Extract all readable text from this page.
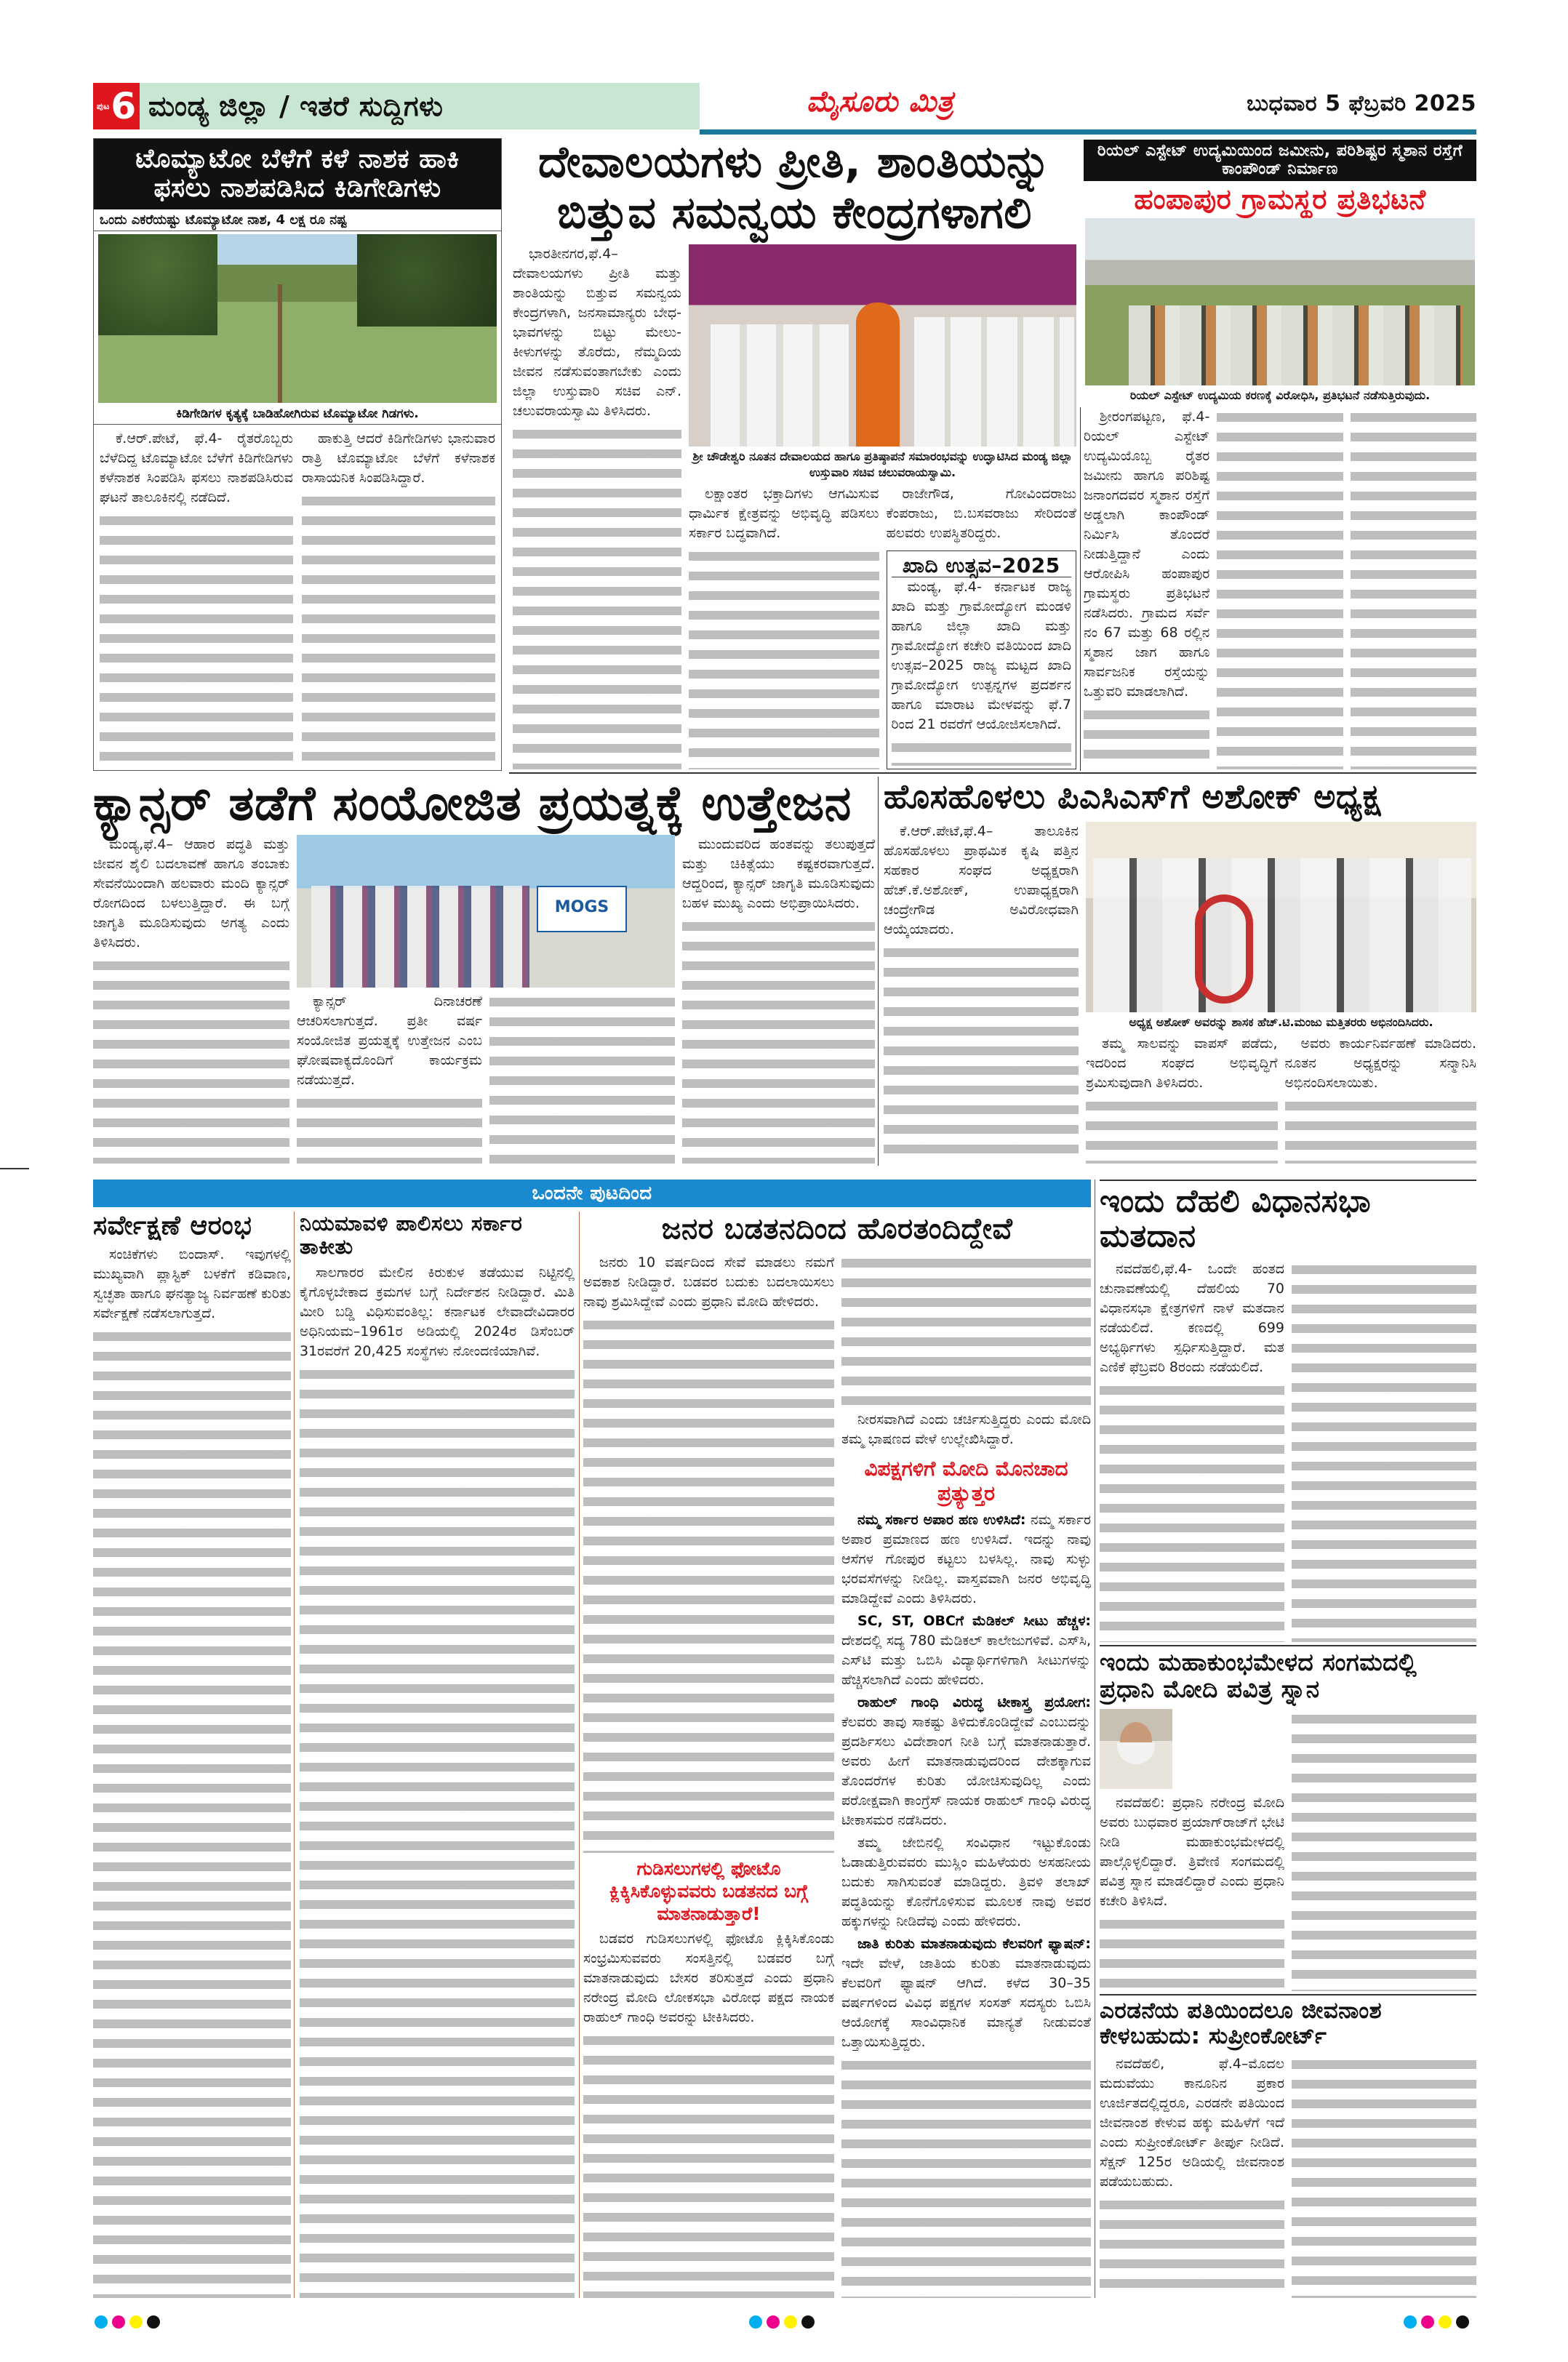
ಪುಟ 6 ಮಂಡ್ಯ ಜಿಲ್ಲಾ / ಇತರೆ ಸುದ್ದಿಗಳು	ಮೈಸೂರು ಮಿತ್ರ	ಬುಧವಾರ 5 ಫೆಬ್ರವರಿ 2025
ಟೊಮ್ಯಾಟೋ ಬೆಳೆಗೆ ಕಳೆ ನಾಶಕ ಹಾಕಿ ಫಸಲು ನಾಶಪಡಿಸಿದ ಕಿಡಿಗೇಡಿಗಳು
ಒಂದು ಎಕರೆಯಷ್ಟು ಟೊಮ್ಯಾಟೋ ನಾಶ, 4 ಲಕ್ಷ ರೂ ನಷ್ಟ
ಕಿಡಿಗೇಡಿಗಳ ಕೃತ್ಯಕ್ಕೆ ಬಾಡಿಹೋಗಿರುವ ಟೊಮ್ಯಾಟೋ ಗಿಡಗಳು.

ಕೆ.ಆರ್.ಪೇಟೆ, ಫೆ.4- ರೈತರೊಬ್ಬರು ಬೆಳೆದಿದ್ದ ಟೊಮ್ಯಾಟೋ ಬೆಳೆಗೆ ಕಿಡಿಗೇಡಿಗಳು ಕಳೆನಾಶಕ ಸಿಂಪಡಿಸಿ ಫಸಲು ನಾಶಪಡಿಸಿರುವ ಘಟನೆ ತಾಲೂಕಿನಲ್ಲಿ ನಡೆದಿದೆ.

ಹಾಕುತ್ತಿ ಆದರೆ ಕಿಡಿಗೇಡಿಗಳು ಭಾನುವಾರ ರಾತ್ರಿ ಟೊಮ್ಯಾಟೋ ಬೆಳೆಗೆ ಕಳೆನಾಶಕ ರಾಸಾಯನಿಕ ಸಿಂಪಡಿಸಿದ್ದಾರೆ.

ದೇವಾಲಯಗಳು ಪ್ರೀತಿ, ಶಾಂತಿಯನ್ನು ಬಿತ್ತುವ ಸಮನ್ವಯ ಕೇಂದ್ರಗಳಾಗಲಿ

ಭಾರತೀನಗರ,ಫೆ.4– ದೇವಾಲಯಗಳು ಪ್ರೀತಿ ಮತ್ತು ಶಾಂತಿಯನ್ನು ಬಿತ್ತುವ ಸಮನ್ವಯ ಕೇಂದ್ರಗಳಾಗಿ, ಜನಸಾಮಾನ್ಯರು ಬೇಧ-ಭಾವಗಳನ್ನು ಬಿಟ್ಟು ಮೇಲು-ಕೀಳುಗಳನ್ನು ತೊರೆದು, ನೆಮ್ಮದಿಯ ಜೀವನ ನಡೆಸುವಂತಾಗಬೇಕು ಎಂದು ಜಿಲ್ಲಾ ಉಸ್ತುವಾರಿ ಸಚಿವ ಎನ್. ಚಲುವರಾಯಸ್ವಾಮಿ ತಿಳಿಸಿದರು.

ಶ್ರೀ ಚೌಡೇಶ್ವರಿ ನೂತನ ದೇವಾಲಯದ ಹಾಗೂ ಪ್ರತಿಷ್ಠಾಪನೆ ಸಮಾರಂಭವನ್ನು ಉದ್ಘಾಟಿಸಿದ ಮಂಡ್ಯ ಜಿಲ್ಲಾ ಉಸ್ತುವಾರಿ ಸಚಿವ ಚಲುವರಾಯಸ್ವಾಮಿ.

ಲಕ್ಷಾಂತರ ಭಕ್ತಾದಿಗಳು ಆಗಮಿಸುವ ಧಾರ್ಮಿಕ ಕ್ಷೇತ್ರವನ್ನು ಅಭಿವೃದ್ಧಿ ಪಡಿಸಲು ಸರ್ಕಾರ ಬದ್ಧವಾಗಿದೆ.

ರಾಜೇಗೌಡ, ಗೋವಿಂದರಾಜು ಕೆಂಪರಾಜು, ಬಿ.ಬಸವರಾಜು ಸೇರಿದಂತೆ ಹಲವರು ಉಪಸ್ಥಿತರಿದ್ದರು.

ಖಾದಿ ಉತ್ಸವ–2025

ಮಂಡ್ಯ, ಫೆ.4- ಕರ್ನಾಟಕ ರಾಜ್ಯ ಖಾದಿ ಮತ್ತು ಗ್ರಾಮೋದ್ಯೋಗ ಮಂಡಳಿ ಹಾಗೂ ಜಿಲ್ಲಾ ಖಾದಿ ಮತ್ತು ಗ್ರಾಮೋದ್ಯೋಗ ಕಚೇರಿ ವತಿಯಿಂದ ಖಾದಿ ಉತ್ಸವ–2025 ರಾಜ್ಯ ಮಟ್ಟದ ಖಾದಿ ಗ್ರಾಮೋದ್ಯೋಗ ಉತ್ಪನ್ನಗಳ ಪ್ರದರ್ಶನ ಹಾಗೂ ಮಾರಾಟ ಮೇಳವನ್ನು ಫೆ.7 ರಿಂದ 21 ರವರೆಗೆ ಆಯೋಜಿಸಲಾಗಿದೆ.

ರಿಯಲ್ ಎಸ್ಟೇಟ್ ಉದ್ಯಮಿಯಿಂದ ಜಮೀನು, ಪರಿಶಿಷ್ಟರ ಸ್ಮಶಾನ ರಸ್ತೆಗೆ ಕಾಂಪೌಂಡ್ ನಿರ್ಮಾಣ
ಹಂಪಾಪುರ ಗ್ರಾಮಸ್ಥರ ಪ್ರತಿಭಟನೆ
ರಿಯಲ್ ಎಸ್ಟೇಟ್ ಉದ್ಯಮಿಯ ಕರಣಕ್ಕೆ ವಿರೋಧಿಸಿ, ಪ್ರತಿಭಟನೆ ನಡೆಸುತ್ತಿರುವುದು.

ಶ್ರೀರಂಗಪಟ್ಟಣ, ಫೆ.4- ರಿಯಲ್ ಎಸ್ಟೇಟ್ ಉದ್ಯಮಿಯೊಬ್ಬ ರೈತರ ಜಮೀನು ಹಾಗೂ ಪರಿಶಿಷ್ಟ ಜನಾಂಗದವರ ಸ್ಮಶಾನ ರಸ್ತೆಗೆ ಅಡ್ಡಲಾಗಿ ಕಾಂಪೌಂಡ್ ನಿರ್ಮಿಸಿ ತೊಂದರೆ ನೀಡುತ್ತಿದ್ದಾನೆ ಎಂದು ಆರೋಪಿಸಿ ಹಂಪಾಪುರ ಗ್ರಾಮಸ್ಥರು ಪ್ರತಿಭಟನೆ ನಡೆಸಿದರು. ಗ್ರಾಮದ ಸರ್ವೆ ನಂ 67 ಮತ್ತು 68 ರಲ್ಲಿನ ಸ್ಮಶಾನ ಜಾಗ ಹಾಗೂ ಸಾರ್ವಜನಿಕ ರಸ್ತೆಯನ್ನು ಒತ್ತುವರಿ ಮಾಡಲಾಗಿದೆ.

ಕ್ಯಾನ್ಸರ್ ತಡೆಗೆ ಸಂಯೋಜಿತ ಪ್ರಯತ್ನಕ್ಕೆ ಉತ್ತೇಜನ

ಮಂಡ್ಯ,ಫೆ.4– ಆಹಾರ ಪದ್ಧತಿ ಮತ್ತು ಜೀವನ ಶೈಲಿ ಬದಲಾವಣೆ ಹಾಗೂ ತಂಬಾಕು ಸೇವನೆಯಿಂದಾಗಿ ಹಲವಾರು ಮಂದಿ ಕ್ಯಾನ್ಸರ್ ರೋಗದಿಂದ ಬಳಲುತ್ತಿದ್ದಾರೆ. ಈ ಬಗ್ಗೆ ಜಾಗೃತಿ ಮೂಡಿಸುವುದು ಅಗತ್ಯ ಎಂದು ತಿಳಿಸಿದರು.

MOGS

ಕ್ಯಾನ್ಸರ್ ದಿನಾಚರಣೆ ಆಚರಿಸಲಾಗುತ್ತದೆ. ಪ್ರತೀ ವರ್ಷ ಸಂಯೋಜಿತ ಪ್ರಯತ್ನಕ್ಕೆ ಉತ್ತೇಜನ ಎಂಬ ಘೋಷವಾಕ್ಯದೊಂದಿಗೆ ಕಾರ್ಯಕ್ರಮ ನಡೆಯುತ್ತದೆ.

ಮುಂದುವರಿದ ಹಂತವನ್ನು ತಲುಪುತ್ತದೆ ಮತ್ತು ಚಿಕಿತ್ಸೆಯು ಕಷ್ಟಕರವಾಗುತ್ತದೆ. ಆದ್ದರಿಂದ, ಕ್ಯಾನ್ಸರ್ ಜಾಗೃತಿ ಮೂಡಿಸುವುದು ಬಹಳ ಮುಖ್ಯ ಎಂದು ಅಭಿಪ್ರಾಯಿಸಿದರು.

ಹೊಸಹೊಳಲು ಪಿಎಸಿಎಸ್‌ಗೆ ಅಶೋಕ್ ಅಧ್ಯಕ್ಷ

ಕೆ.ಆರ್.ಪೇಟೆ,ಫೆ.4– ತಾಲೂಕಿನ ಹೊಸಹೊಳಲು ಪ್ರಾಥಮಿಕ ಕೃಷಿ ಪತ್ತಿನ ಸಹಕಾರ ಸಂಘದ ಅಧ್ಯಕ್ಷರಾಗಿ ಹೆಚ್.ಕೆ.ಅಶೋಕ್, ಉಪಾಧ್ಯಕ್ಷರಾಗಿ ಚಂದ್ರೇಗೌಡ ಅವಿರೋಧವಾಗಿ ಆಯ್ಕೆಯಾದರು.

ಅಧ್ಯಕ್ಷ ಅಶೋಕ್ ಅವರನ್ನು ಶಾಸಕ ಹೆಚ್.ಟಿ.ಮಂಜು ಮತ್ತಿತರರು ಅಭಿನಂದಿಸಿದರು.

ತಮ್ಮ ಸಾಲವನ್ನು ವಾಪಸ್ ಪಡೆದು, ಇದರಿಂದ ಸಂಘದ ಅಭಿವೃದ್ಧಿಗೆ ಶ್ರಮಿಸುವುದಾಗಿ ತಿಳಿಸಿದರು.

ಅವರು ಕಾರ್ಯನಿರ್ವಹಣೆ ಮಾಡಿದರು. ನೂತನ ಅಧ್ಯಕ್ಷರನ್ನು ಸನ್ಮಾನಿಸಿ ಅಭಿನಂದಿಸಲಾಯಿತು.

ಒಂದನೇ ಪುಟದಿಂದ
ಸರ್ವೇಕ್ಷಣೆ ಆರಂಭ

ಸಂಚಿಕೆಗಳು ಬಿಂದಾಸ್. ಇವುಗಳಲ್ಲಿ ಮುಖ್ಯವಾಗಿ ಪ್ಲಾಸ್ಟಿಕ್ ಬಳಕೆಗೆ ಕಡಿವಾಣ, ಸ್ವಚ್ಛತಾ ಹಾಗೂ ಘನತ್ಯಾಜ್ಯ ನಿರ್ವಹಣೆ ಕುರಿತು ಸರ್ವೇಕ್ಷಣೆ ನಡೆಸಲಾಗುತ್ತದೆ.

ನಿಯಮಾವಳಿ ಪಾಲಿಸಲು ಸರ್ಕಾರ ತಾಕೀತು

ಸಾಲಗಾರರ ಮೇಲಿನ ಕಿರುಕುಳ ತಡೆಯುವ ನಿಟ್ಟಿನಲ್ಲಿ ಕೈಗೊಳ್ಳಬೇಕಾದ ಕ್ರಮಗಳ ಬಗ್ಗೆ ನಿರ್ದೇಶನ ನೀಡಿದ್ದಾರೆ. ಮಿತಿ ಮೀರಿ ಬಡ್ಡಿ ವಿಧಿಸುವಂತಿಲ್ಲ: ಕರ್ನಾಟಕ ಲೇವಾದೇವಿದಾರರ ಅಧಿನಿಯಮ–1961ರ ಅಡಿಯಲ್ಲಿ 2024ರ ಡಿಸೆಂಬರ್ 31ರವರೆಗೆ 20,425 ಸಂಸ್ಥೆಗಳು ನೋಂದಣಿಯಾಗಿವೆ.

ಜನರ ಬಡತನದಿಂದ ಹೊರತಂದಿದ್ದೇವೆ

ಜನರು 10 ವರ್ಷದಿಂದ ಸೇವೆ ಮಾಡಲು ನಮಗೆ ಅವಕಾಶ ನೀಡಿದ್ದಾರೆ. ಬಡವರ ಬದುಕು ಬದಲಾಯಿಸಲು ನಾವು ಶ್ರಮಿಸಿದ್ದೇವೆ ಎಂದು ಪ್ರಧಾನಿ ಮೋದಿ ಹೇಳಿದರು.

ಗುಡಿಸಲುಗಳಲ್ಲಿ ಫೋಟೊ ಕ್ಲಿಕ್ಕಿಸಿಕೊಳ್ಳುವವರು ಬಡತನದ ಬಗ್ಗೆ ಮಾತನಾಡುತ್ತಾರೆ!

ಬಡವರ ಗುಡಿಸಲುಗಳಲ್ಲಿ ಫೋಟೊ ಕ್ಲಿಕ್ಕಿಸಿಕೊಂಡು ಸಂಭ್ರಮಿಸುವವರು ಸಂಸತ್ತಿನಲ್ಲಿ ಬಡವರ ಬಗ್ಗೆ ಮಾತನಾಡುವುದು ಬೇಸರ ತರಿಸುತ್ತದೆ ಎಂದು ಪ್ರಧಾನಿ ನರೇಂದ್ರ ಮೋದಿ ಲೋಕಸಭಾ ವಿರೋಧ ಪಕ್ಷದ ನಾಯಕ ರಾಹುಲ್ ಗಾಂಧಿ ಅವರನ್ನು ಟೀಕಿಸಿದರು.

ನೀರಸವಾಗಿದೆ ಎಂದು ಚರ್ಚಿಸುತ್ತಿದ್ದರು ಎಂದು ಮೋದಿ ತಮ್ಮ ಭಾಷಣದ ವೇಳೆ ಉಲ್ಲೇಖಿಸಿದ್ದಾರೆ.

ವಿಪಕ್ಷಗಳಿಗೆ ಮೋದಿ ಮೊನಚಾದ ಪ್ರತ್ಯುತ್ತರ

ನಮ್ಮ ಸರ್ಕಾರ ಅಪಾರ ಹಣ ಉಳಿಸಿದೆ: ನಮ್ಮ ಸರ್ಕಾರ ಅಪಾರ ಪ್ರಮಾಣದ ಹಣ ಉಳಿಸಿದೆ. ಇದನ್ನು ನಾವು ಆಸೆಗಳ ಗೋಪುರ ಕಟ್ಟಲು ಬಳಸಿಲ್ಲ. ನಾವು ಸುಳ್ಳು ಭರವಸೆಗಳನ್ನು ನೀಡಿಲ್ಲ. ವಾಸ್ತವವಾಗಿ ಜನರ ಅಭಿವೃದ್ಧಿ ಮಾಡಿದ್ದೇವೆ ಎಂದು ತಿಳಿಸಿದರು.

SC, ST, OBCಗೆ ಮೆಡಿಕಲ್ ಸೀಟು ಹೆಚ್ಚಳ: ದೇಶದಲ್ಲಿ ಸದ್ಯ 780 ಮೆಡಿಕಲ್ ಕಾಲೇಜುಗಳಿವೆ. ಎಸ್‌ಸಿ, ಎಸ್‌ಟಿ ಮತ್ತು ಒಬಿಸಿ ವಿದ್ಯಾರ್ಥಿಗಳಿಗಾಗಿ ಸೀಟುಗಳನ್ನು ಹೆಚ್ಚಿಸಲಾಗಿದೆ ಎಂದು ಹೇಳಿದರು.

ರಾಹುಲ್ ಗಾಂಧಿ ವಿರುದ್ಧ ಟೀಕಾಸ್ತ್ರ ಪ್ರಯೋಗ: ಕೆಲವರು ತಾವು ಸಾಕಷ್ಟು ತಿಳಿದುಕೊಂಡಿದ್ದೇವೆ ಎಂಬುದನ್ನು ಪ್ರದರ್ಶಿಸಲು ವಿದೇಶಾಂಗ ನೀತಿ ಬಗ್ಗೆ ಮಾತನಾಡುತ್ತಾರೆ. ಅವರು ಹೀಗೆ ಮಾತನಾಡುವುದರಿಂದ ದೇಶಕ್ಕಾಗುವ ತೊಂದರೆಗಳ ಕುರಿತು ಯೋಚಿಸುವುದಿಲ್ಲ ಎಂದು ಪರೋಕ್ಷವಾಗಿ ಕಾಂಗ್ರೆಸ್ ನಾಯಕ ರಾಹುಲ್ ಗಾಂಧಿ ವಿರುದ್ಧ ಟೀಕಾಸಮರ ನಡೆಸಿದರು.

ತಮ್ಮ ಜೇಬಿನಲ್ಲಿ ಸಂವಿಧಾನ ಇಟ್ಟುಕೊಂಡು ಓಡಾಡುತ್ತಿರುವವರು ಮುಸ್ಲಿಂ ಮಹಿಳೆಯರು ಅಸಹನೀಯ ಬದುಕು ಸಾಗಿಸುವಂತೆ ಮಾಡಿದ್ದರು. ತ್ರಿವಳಿ ತಲಾಖ್ ಪದ್ಧತಿಯನ್ನು ಕೊನೆಗೊಳಿಸುವ ಮೂಲಕ ನಾವು ಅವರ ಹಕ್ಕುಗಳನ್ನು ನೀಡಿದೆವು ಎಂದು ಹೇಳಿದರು.

ಜಾತಿ ಕುರಿತು ಮಾತನಾಡುವುದು ಕೆಲವರಿಗೆ ಫ್ಯಾಷನ್: ಇದೇ ವೇಳೆ, ಜಾತಿಯ ಕುರಿತು ಮಾತನಾಡುವುದು ಕೆಲವರಿಗೆ ಫ್ಯಾಷನ್ ಆಗಿದೆ. ಕಳೆದ 30–35 ವರ್ಷಗಳಿಂದ ವಿವಿಧ ಪಕ್ಷಗಳ ಸಂಸತ್ ಸದಸ್ಯರು ಒಬಿಸಿ ಆಯೋಗಕ್ಕೆ ಸಾಂವಿಧಾನಿಕ ಮಾನ್ಯತೆ ನೀಡುವಂತೆ ಒತ್ತಾಯಿಸುತ್ತಿದ್ದರು.

ಇಂದು ದೆಹಲಿ ವಿಧಾನಸಭಾ ಮತದಾನ

ನವದೆಹಲಿ,ಫೆ.4- ಒಂದೇ ಹಂತದ ಚುನಾವಣೆಯಲ್ಲಿ ದೆಹಲಿಯ 70 ವಿಧಾನಸಭಾ ಕ್ಷೇತ್ರಗಳಿಗೆ ನಾಳೆ ಮತದಾನ ನಡೆಯಲಿದೆ. ಕಣದಲ್ಲಿ 699 ಅಭ್ಯರ್ಥಿಗಳು ಸ್ಪರ್ಧಿಸುತ್ತಿದ್ದಾರೆ. ಮತ ಎಣಿಕೆ ಫೆಬ್ರವರಿ 8ರಂದು ನಡೆಯಲಿದೆ.

ಇಂದು ಮಹಾಕುಂಭಮೇಳದ ಸಂಗಮದಲ್ಲಿ ಪ್ರಧಾನಿ ಮೋದಿ ಪವಿತ್ರ ಸ್ನಾನ

ನವದೆಹಲಿ: ಪ್ರಧಾನಿ ನರೇಂದ್ರ ಮೋದಿ ಅವರು ಬುಧವಾರ ಪ್ರಯಾಗ್‌ರಾಜ್‌ಗೆ ಭೇಟಿ ನೀಡಿ ಮಹಾಕುಂಭಮೇಳದಲ್ಲಿ ಪಾಲ್ಗೊಳ್ಳಲಿದ್ದಾರೆ. ತ್ರಿವೇಣಿ ಸಂಗಮದಲ್ಲಿ ಪವಿತ್ರ ಸ್ನಾನ ಮಾಡಲಿದ್ದಾರೆ ಎಂದು ಪ್ರಧಾನಿ ಕಚೇರಿ ತಿಳಿಸಿದೆ.

ಎರಡನೆಯ ಪತಿಯಿಂದಲೂ ಜೀವನಾಂಶ ಕೇಳಬಹುದು: ಸುಪ್ರೀಂಕೋರ್ಟ್

ನವದೆಹಲಿ, ಫೆ.4–ಮೊದಲ ಮದುವೆಯು ಕಾನೂನಿನ ಪ್ರಕಾರ ಊರ್ಜಿತದಲ್ಲಿದ್ದರೂ, ಎರಡನೇ ಪತಿಯಿಂದ ಜೀವನಾಂಶ ಕೇಳುವ ಹಕ್ಕು ಮಹಿಳೆಗೆ ಇದೆ ಎಂದು ಸುಪ್ರೀಂಕೋರ್ಟ್ ತೀರ್ಪು ನೀಡಿದೆ. ಸೆಕ್ಷನ್ 125ರ ಅಡಿಯಲ್ಲಿ ಜೀವನಾಂಶ ಪಡೆಯಬಹುದು.
